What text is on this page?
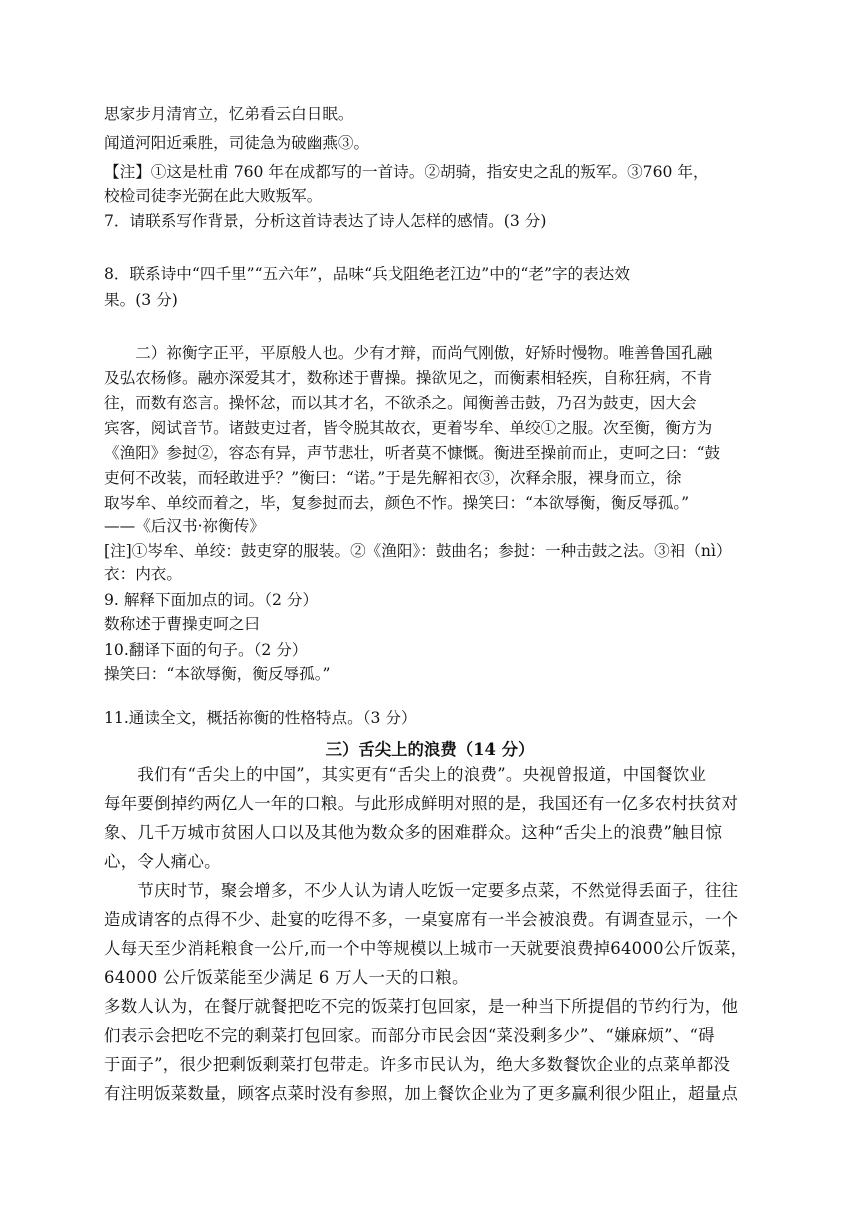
思家步月清宵立，忆弟看云白日眠。
闻道河阳近乘胜，司徒急为破幽燕③。
【注】①这是杜甫 760 年在成都写的一首诗。②胡骑，指安史之乱的叛军。③760 年，
校检司徒李光弼在此大败叛军。
7．请联系写作背景，分析这首诗表达了诗人怎样的感情。(3 分)
8．联系诗中“四千里”“五六年”，品味“兵戈阻绝老江边”中的“老”字的表达效
果。(3 分)
　　二）祢衡字正平，平原般人也。少有才辩，而尚气刚傲，好矫时慢物。唯善鲁国孔融
及弘农杨修。融亦深爱其才，数称述于曹操。操欲见之，而衡素相轻疾，自称狂病，不肯
往，而数有恣言。操怀忿，而以其才名，不欲杀之。闻衡善击鼓，乃召为鼓吏，因大会
宾客，阅试音节。诸鼓吏过者，皆令脱其故衣，更着岑牟、单绞①之服。次至衡，衡方为
《渔阳》参挝②，容态有异，声节悲壮，听者莫不慷慨。衡进至操前而止，吏呵之曰：“鼓
吏何不改装，而轻敢进乎？”衡曰：“诺。”于是先解衵衣③，次释余服，裸身而立，徐
取岑牟、单绞而着之，毕，复参挝而去，颜色不怍。操笑曰：“本欲辱衡，衡反辱孤。”
——《后汉书·祢衡传》
[注]①岑牟、单绞：鼓吏穿的服装。②《渔阳》：鼓曲名；参挝：一种击鼓之法。③衵（nì）
衣：内衣。
9. 解释下面加点的词。（2 分）
数称述于曹操吏呵之曰
10.翻译下面的句子。（2 分）
操笑曰：“本欲辱衡，衡反辱孤。”
11.通读全文，概括祢衡的性格特点。（3 分）
三）舌尖上的浪费（14 分）
　　我们有“舌尖上的中国”，其实更有“舌尖上的浪费”。央视曾报道，中国餐饮业
每年要倒掉约两亿人一年的口粮。与此形成鲜明对照的是，我国还有一亿多农村扶贫对
象、几千万城市贫困人口以及其他为数众多的困难群众。这种“舌尖上的浪费”触目惊
心，令人痛心。
　　节庆时节，聚会增多，不少人认为请人吃饭一定要多点菜，不然觉得丢面子，往往
造成请客的点得不少、赴宴的吃得不多，一桌宴席有一半会被浪费。有调查显示，一个
人每天至少消耗粮食一公斤,而一个中等规模以上城市一天就要浪费掉64000公斤饭菜，
64000 公斤饭菜能至少满足 6 万人一天的口粮。
多数人认为，在餐厅就餐把吃不完的饭菜打包回家，是一种当下所提倡的节约行为，他
们表示会把吃不完的剩菜打包回家。而部分市民会因“菜没剩多少”、“嫌麻烦”、“碍
于面子”，很少把剩饭剩菜打包带走。许多市民认为，绝大多数餐饮企业的点菜单都没
有注明饭菜数量，顾客点菜时没有参照，加上餐饮企业为了更多赢利很少阻止，超量点
